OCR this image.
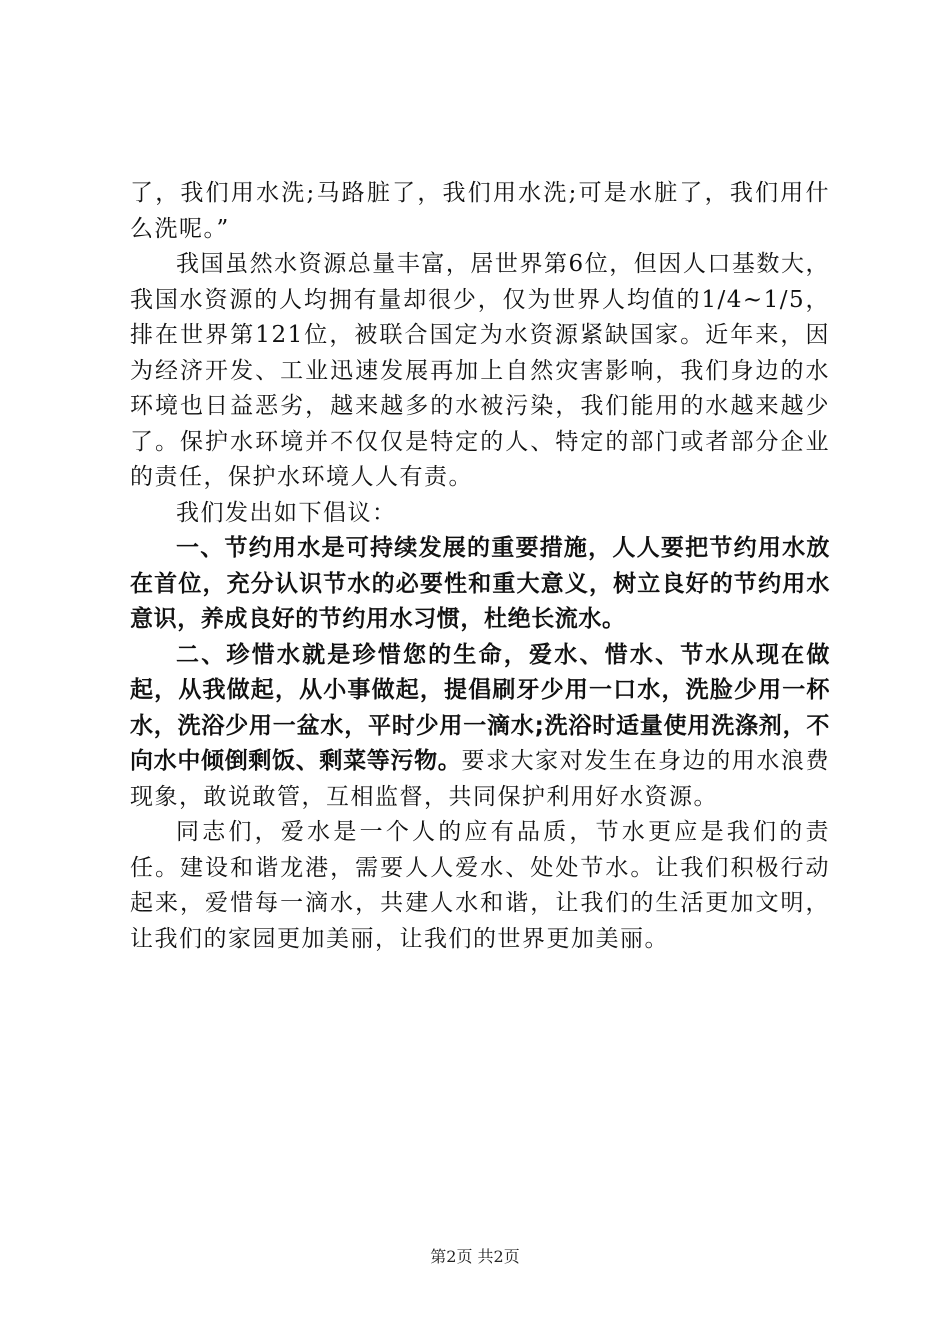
了，我们用水洗;马路脏了，我们用水洗;可是水脏了，我们用什么洗呢。”

我国虽然水资源总量丰富，居世界第6位，但因人口基数大，我国水资源的人均拥有量却很少，仅为世界人均值的1/4~1/5，排在世界第121位，被联合国定为水资源紧缺国家。近年来，因为经济开发、工业迅速发展再加上自然灾害影响，我们身边的水环境也日益恶劣，越来越多的水被污染，我们能用的水越来越少了。保护水环境并不仅仅是特定的人、特定的部门或者部分企业的责任，保护水环境人人有责。

我们发出如下倡议：

一、节约用水是可持续发展的重要措施，人人要把节约用水放在首位，充分认识节水的必要性和重大意义，树立良好的节约用水意识，养成良好的节约用水习惯，杜绝长流水。

二、珍惜水就是珍惜您的生命，爱水、惜水、节水从现在做起，从我做起，从小事做起，提倡刷牙少用一口水，洗脸少用一杯水，洗浴少用一盆水，平时少用一滴水;洗浴时适量使用洗涤剂，不向水中倾倒剩饭、剩菜等污物。要求大家对发生在身边的用水浪费现象，敢说敢管，互相监督，共同保护利用好水资源。

同志们，爱水是一个人的应有品质，节水更应是我们的责任。建设和谐龙港，需要人人爱水、处处节水。让我们积极行动起来，爱惜每一滴水，共建人水和谐，让我们的生活更加文明，让我们的家园更加美丽，让我们的世界更加美丽。

第2页 共2页
